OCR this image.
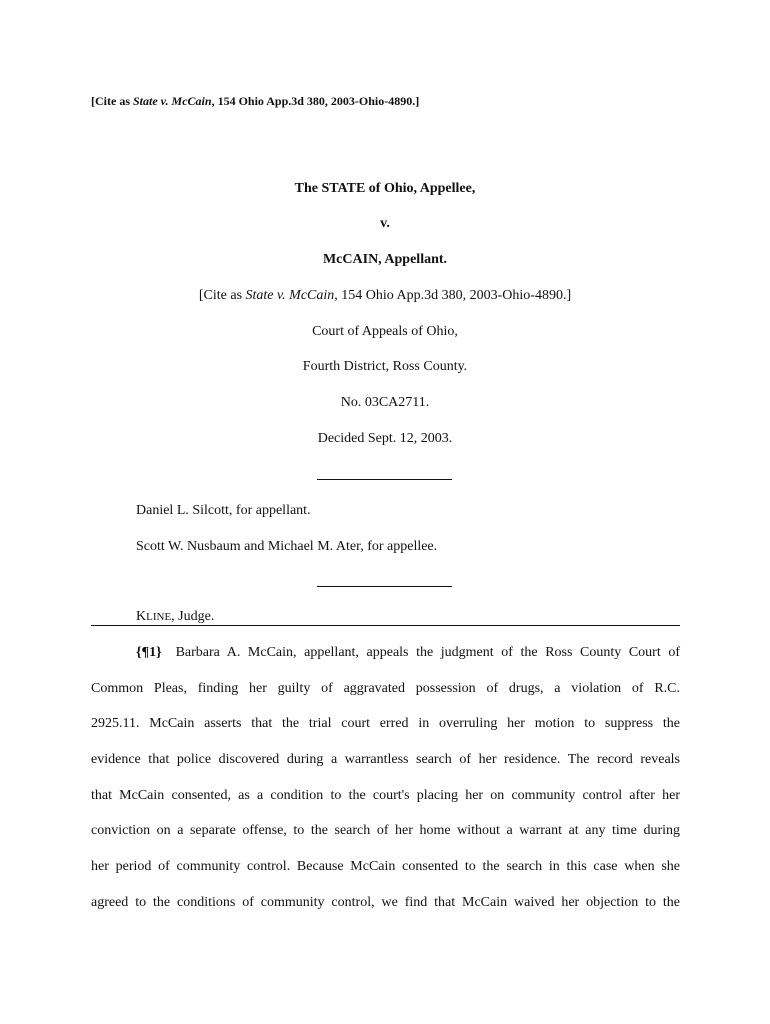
[Cite as State v. McCain, 154 Ohio App.3d 380, 2003-Ohio-4890.]
The STATE of Ohio, Appellee,
v.
McCAIN, Appellant.
[Cite as State v. McCain, 154 Ohio App.3d 380, 2003-Ohio-4890.]
Court of Appeals of Ohio,
Fourth District, Ross County.
No. 03CA2711.
Decided Sept. 12, 2003.
Daniel L. Silcott, for appellant.
Scott W. Nusbaum and Michael M. Ater, for appellee.
KLINE, Judge.
{¶1} Barbara A. McCain, appellant, appeals the judgment of the Ross County Court of
Common Pleas, finding her guilty of aggravated possession of drugs, a violation of R.C.
2925.11. McCain asserts that the trial court erred in overruling her motion to suppress the
evidence that police discovered during a warrantless search of her residence. The record reveals
that McCain consented, as a condition to the court's placing her on community control after her
conviction on a separate offense, to the search of her home without a warrant at any time during
her period of community control. Because McCain consented to the search in this case when she
agreed to the conditions of community control, we find that McCain waived her objection to the
